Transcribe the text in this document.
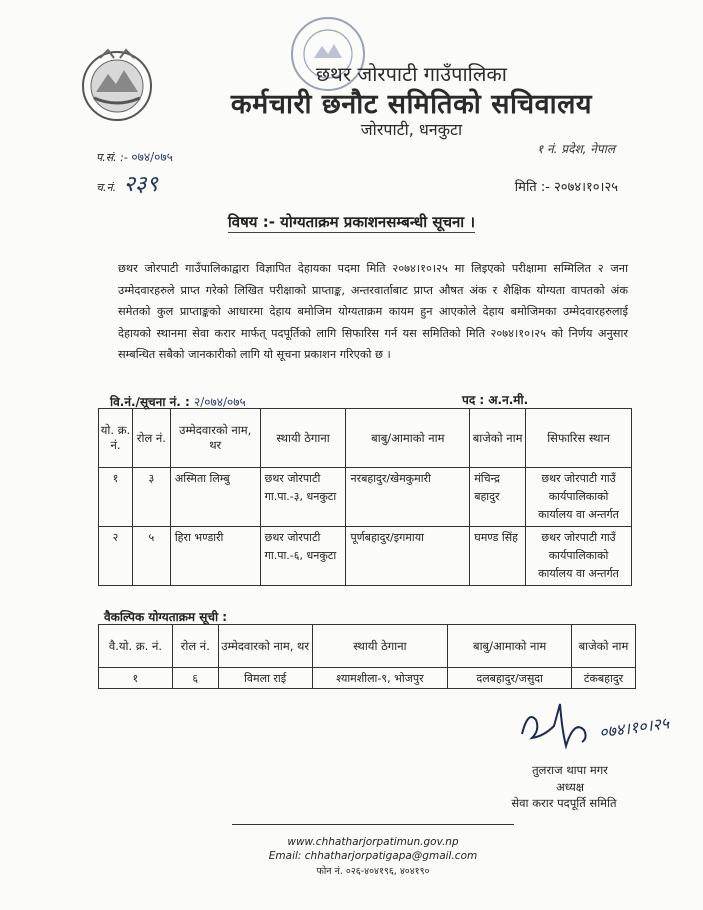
छथर जोरपाटी गाउँपालिका
कर्मचारी छनौट समितिको सचिवालय
जोरपाटी, धनकुटा
१ नं. प्रदेश, नेपाल
प.सं. :- ०७४/०७५
च.नं. २३९	मिति :- २०७४।१०।२५
विषय :- योग्यताक्रम प्रकाशनसम्बन्धी सूचना ।
छथर जोरपाटी गाउँपालिकाद्वारा विज्ञापित देहायका पदमा मिति २०७४।१०।२५ मा लिइएको परीक्षामा सम्मिलित २ जना उम्मेदवारहरुले प्राप्त गरेको लिखित परीक्षाको प्राप्ताङ्क, अन्तरवार्ताबाट प्राप्त औषत अंक र शैक्षिक योग्यता वापतको अंक समेतको कुल प्राप्ताङ्कको आधारमा देहाय बमोजिम योग्यताक्रम कायम हुन आएकोले देहाय बमोजिमका उम्मेदवारहरुलाई देहायको स्थानमा सेवा करार मार्फत् पदपूर्तिको लागि सिफारिस गर्न यस समितिको मिति २०७४।१०।२५ को निर्णय अनुसार सम्बन्धित सबैको जानकारीको लागि यो सूचना प्रकाशन गरिएको छ ।
वि.नं./सूचना नं. : २/०७४/०७५	पद : अ.न.मी.
यो. क्र. नं.	रोल नं.	उम्मेदवारको नाम, थर	स्थायी ठेगाना	बाबु/आमाको नाम	बाजेको नाम	सिफारिस स्थान
१	३	अस्मिता लिम्बु	छथर जोरपाटी गा.पा.-३, धनकुटा	नरबहादुर/खेमकुमारी	मंचिन्द्र बहादुर	छथर जोरपाटी गाउँ कार्यपालिकाको कार्यालय वा अन्तर्गत
२	५	हिरा भण्डारी	छथर जोरपाटी गा.पा.-६, धनकुटा	पूर्णबहादुर/इगमाया	घमण्ड सिंह	छथर जोरपाटी गाउँ कार्यपालिकाको कार्यालय वा अन्तर्गत
वैकल्पिक योग्यताक्रम सूची :
वै.यो. क्र. नं.	रोल नं.	उम्मेदवारको नाम, थर	स्थायी ठेगाना	बाबु/आमाको नाम	बाजेको नाम
१	६	विमला राई	श्यामशीला-९, भोजपुर	दलबहादुर/जसुदा	टंकबहादुर
०७४।१०।२५
तुलराज थापा मगर
अध्यक्ष
सेवा करार पदपूर्ति समिति
www.chhatharjorpatimun.gov.np
Email: chhatharjorpatigapa@gmail.com
फोन नं. ०२६-४०४१९६, ४०४१९०
